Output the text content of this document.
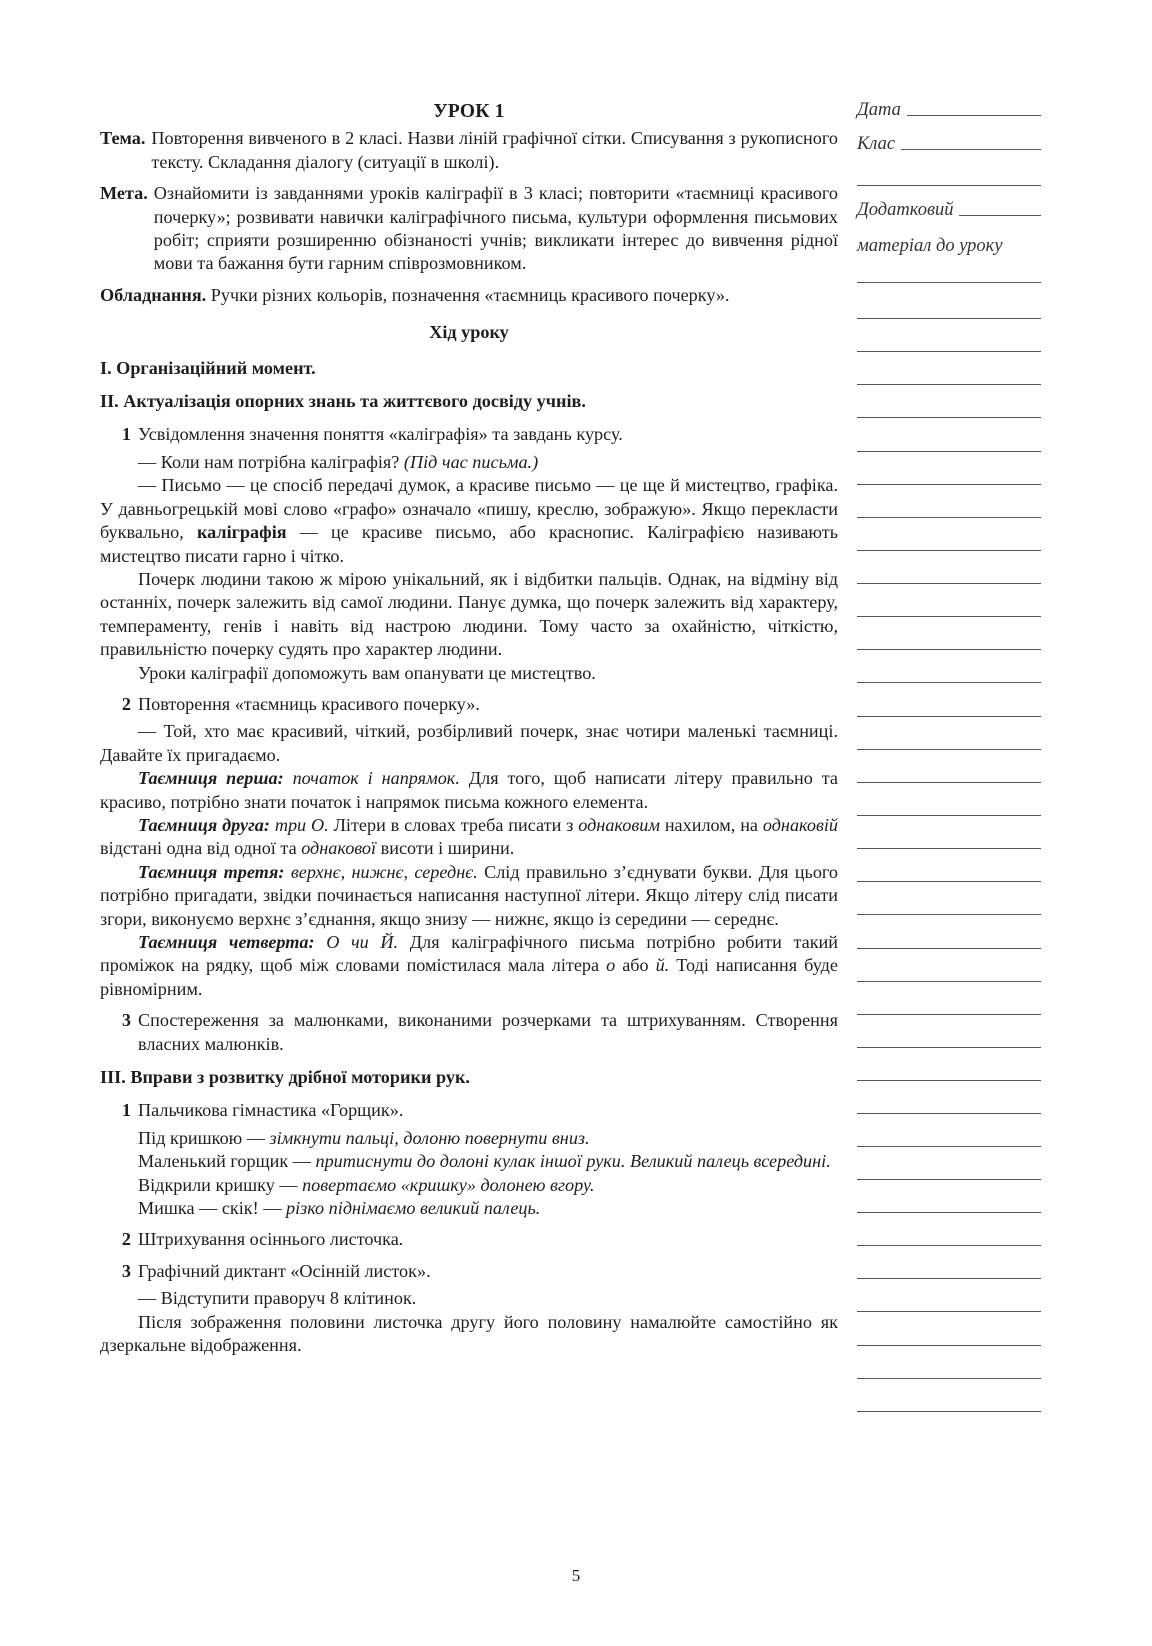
УРОК 1
Тема. Повторення вивченого в 2 класі. Назви ліній графічної сітки. Списування з рукописного тексту. Складання діалогу (ситуації в школі).
Мета. Ознайомити із завданнями уроків каліграфії в 3 класі; повторити «таємниці красивого почерку»; розвивати навички каліграфічного письма, культури оформлення письмових робіт; сприяти розширенню обізнаності учнів; викликати інтерес до вивчення рідної мови та бажання бути гарним співрозмовником.
Обладнання. Ручки різних кольорів, позначення «таємниць красивого почерку».
Хід уроку
I. Організаційний момент.
II. Актуалізація опорних знань та життєвого досвіду учнів.
1 Усвідомлення значення поняття «каліграфія» та завдань курсу.

— Коли нам потрібна каліграфія? (Під час письма.)

— Письмо — це спосіб передачі думок, а красиве письмо — це ще й мистецтво, графіка. У давньогрецькій мові слово «графо» означало «пишу, креслю, зображую». Якщо перекласти буквально, каліграфія — це красиве письмо, або краснопис. Каліграфією називають мистецтво писати гарно і чітко.

Почерк людини такою ж мірою унікальний, як і відбитки пальців. Однак, на відміну від останніх, почерк залежить від самої людини. Панує думка, що почерк залежить від характеру, темпераменту, генів і навіть від настрою людини. Тому часто за охайністю, чіткістю, правильністю почерку судять про характер людини.

Уроки каліграфії допоможуть вам опанувати це мистецтво.

2 Повторення «таємниць красивого почерку».

— Той, хто має красивий, чіткий, розбірливий почерк, знає чотири маленькі таємниці. Давайте їх пригадаємо.

Таємниця перша: початок і напрямок. Для того, щоб написати літеру правильно та красиво, потрібно знати початок і напрямок письма кожного елемента.

Таємниця друга: три О. Літери в словах треба писати з однаковим нахилом, на однаковій відстані одна від одної та однакової висоти і ширини.

Таємниця третя: верхнє, нижнє, середнє. Слід правильно з’єднувати букви. Для цього потрібно пригадати, звідки починається написання наступної літери. Якщо літеру слід писати згори, виконуємо верхнє з’єднання, якщо знизу — нижнє, якщо із середини — середнє.

Таємниця четверта: О чи Й. Для каліграфічного письма потрібно робити такий проміжок на рядку, щоб між словами помістилася мала літера о або й. Тоді написання буде рівномірним.

3 Спостереження за малюнками, виконаними розчерками та штрихуванням. Створення власних малюнків.
III. Вправи з розвитку дрібної моторики рук.
1 Пальчикова гімнастика «Горщик».

Під кришкою — зімкнути пальці, долоню повернути вниз.

Маленький горщик — притиснути до долоні кулак іншої руки. Великий палець всередині.

Відкрили кришку — повертаємо «кришку» долонею вгору.

Мишка — скік! — різко піднімаємо великий палець.

2 Штрихування осіннього листочка.
3 Графічний диктант «Осінній листок».

— Відступити праворуч 8 клітинок.

Після зображення половини листочка другу його половину намалюйте самостійно як дзеркальне відображення.

Дата
Клас
Додатковий
матеріал до уроку
5
